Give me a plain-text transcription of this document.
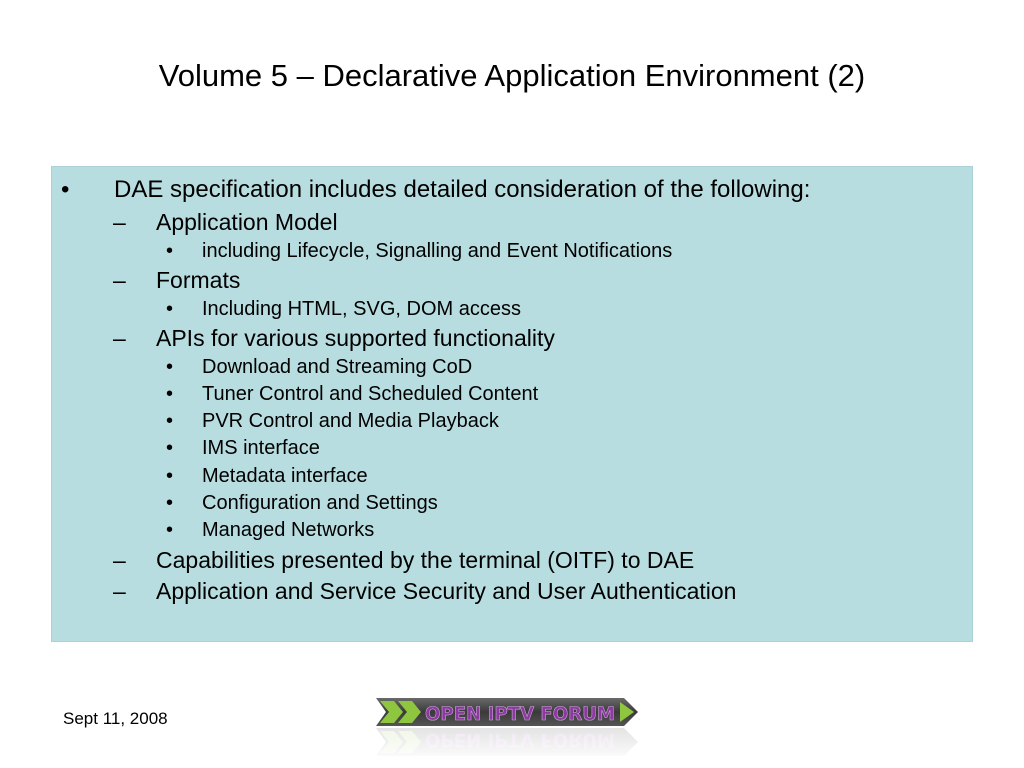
Volume 5 – Declarative Application Environment (2)
• DAE specification includes detailed consideration of the following:
– Application Model
• including Lifecycle, Signalling and Event Notifications
– Formats
• Including HTML, SVG, DOM access
– APIs for various supported functionality
• Download and Streaming CoD
• Tuner Control and Scheduled Content
• PVR Control and Media Playback
• IMS interface
• Metadata interface
• Configuration and Settings
• Managed Networks
– Capabilities presented by the terminal (OITF) to DAE
– Application and Service Security and User Authentication
Sept 11, 2008	OPEN IPTV FORUM
